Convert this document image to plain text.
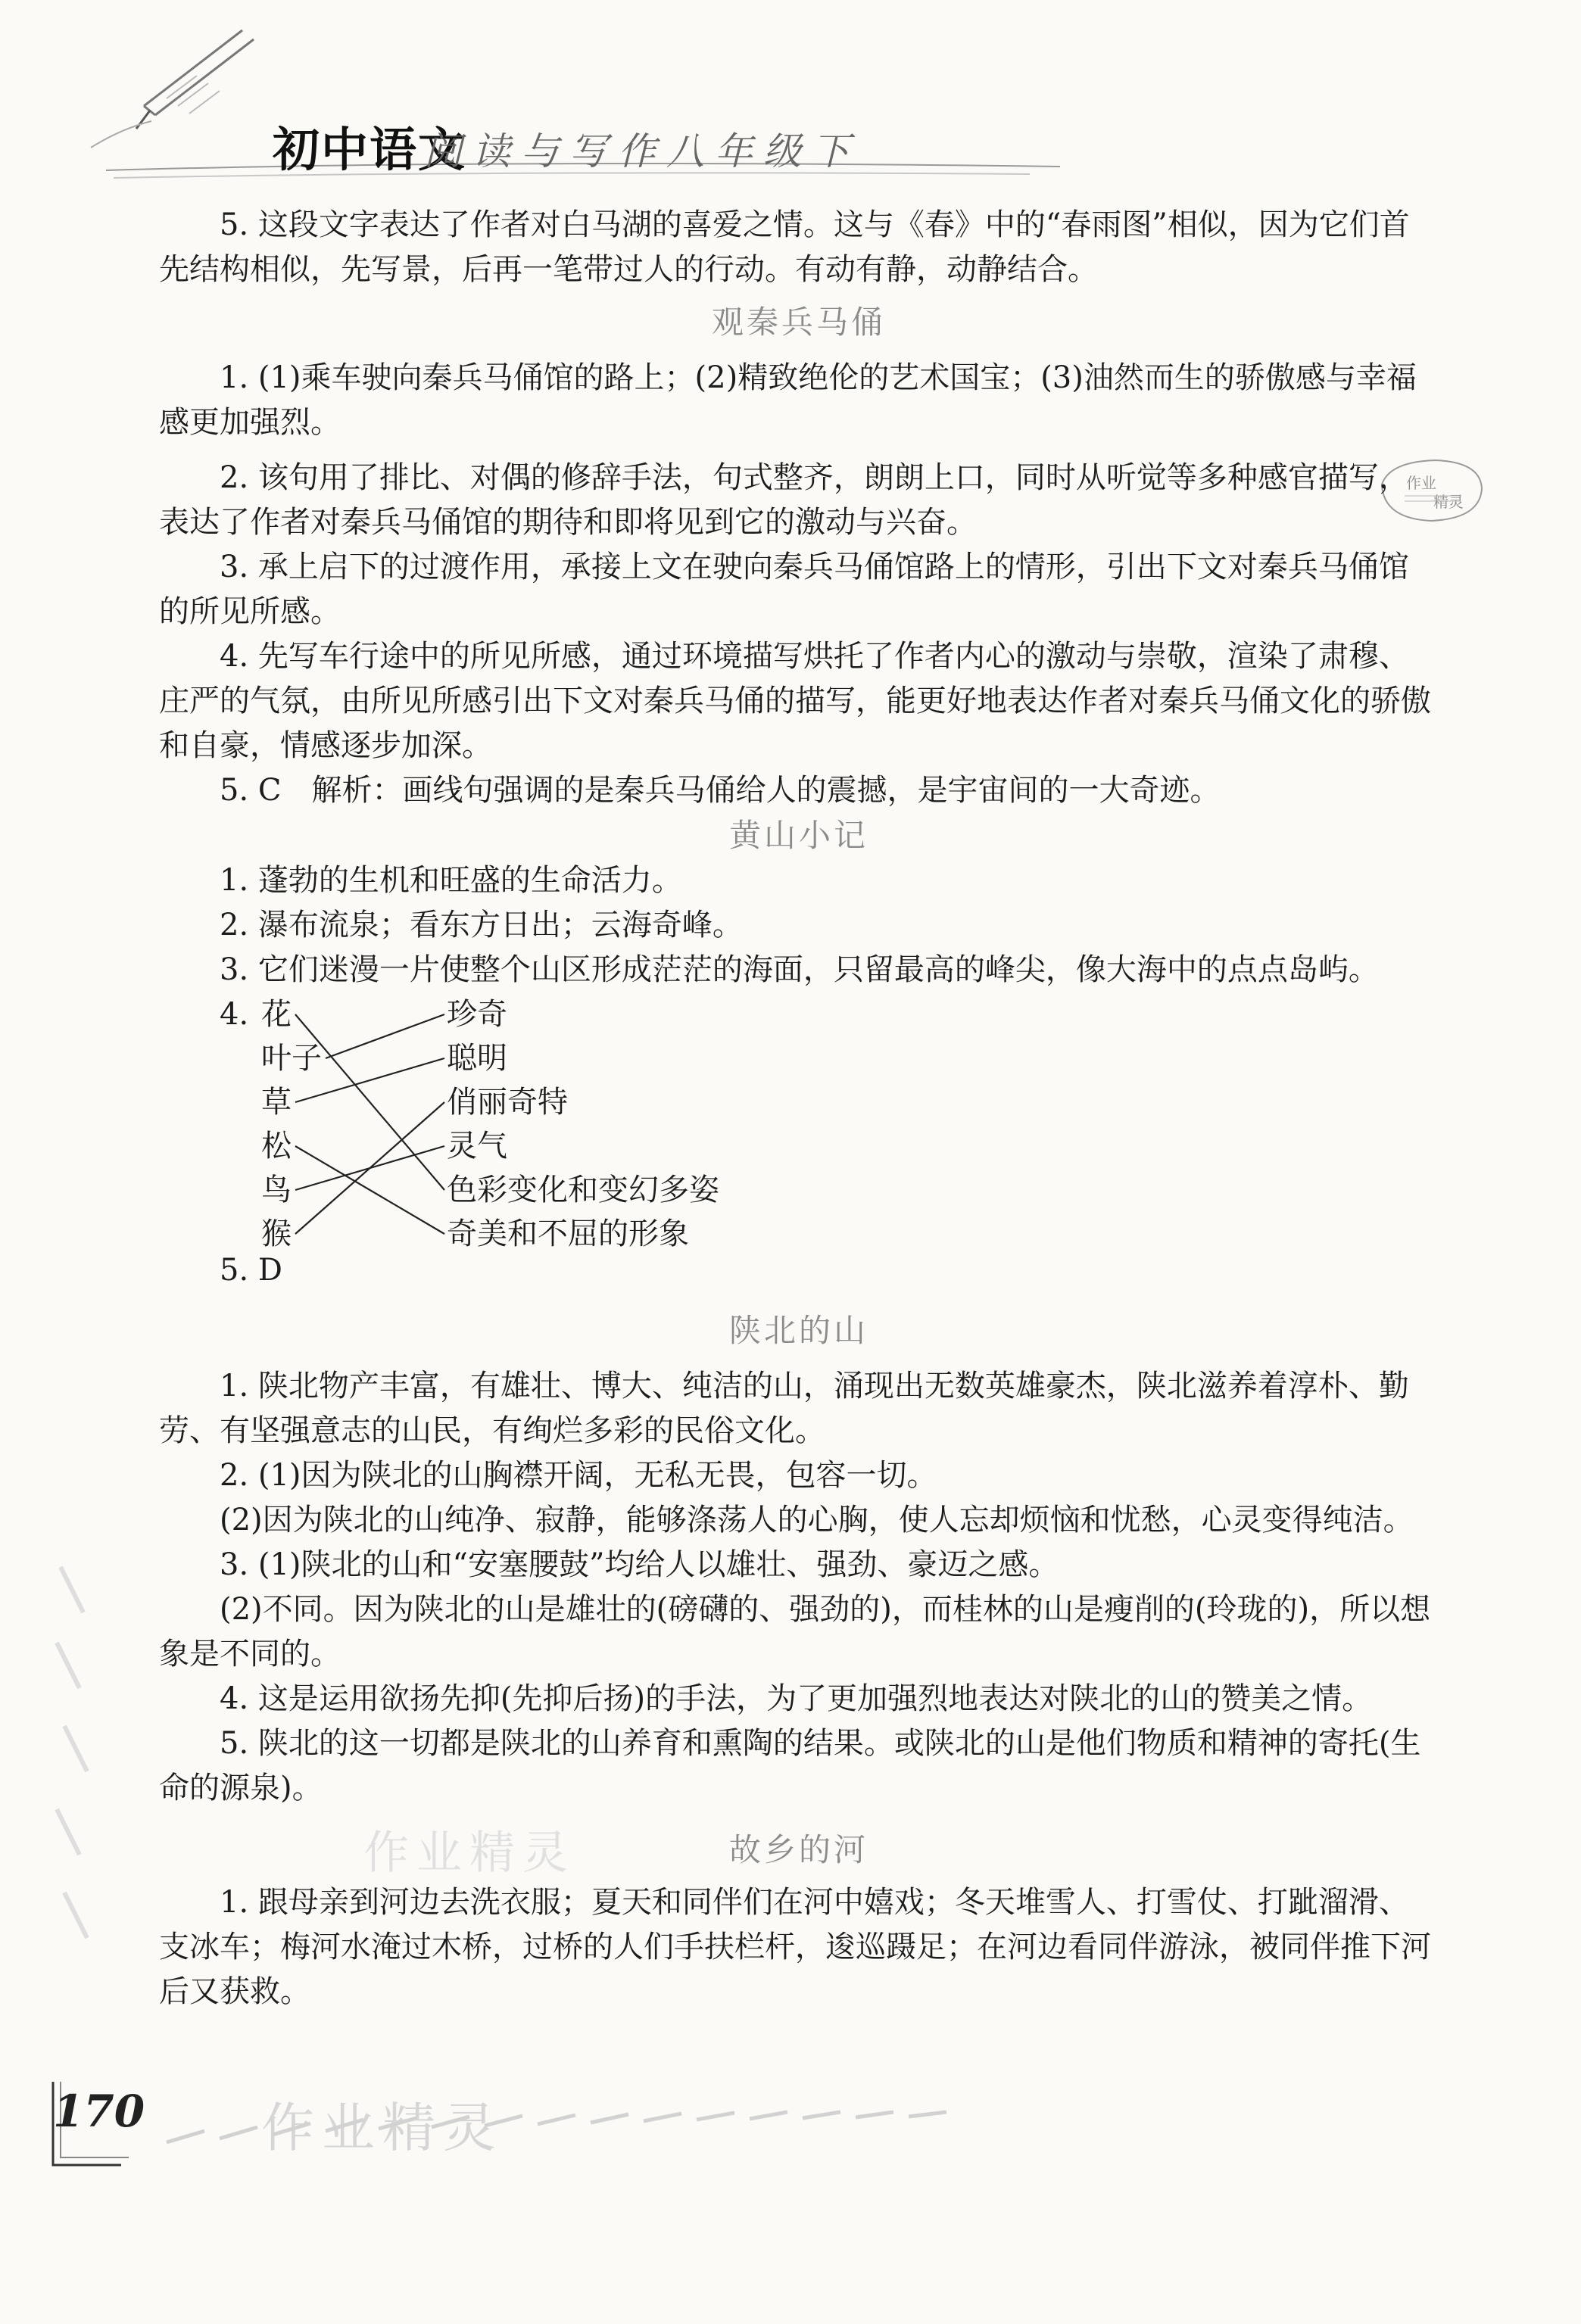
初中语文
阅读与写作八年级下
作业
精灵

5. 这段文字表达了作者对白马湖的喜爱之情。这与《春》中的“春雨图”相似，因为它们首先结构相似，先写景，后再一笔带过人的行动。有动有静，动静结合。

观秦兵马俑

1. (1)乘车驶向秦兵马俑馆的路上；(2)精致绝伦的艺术国宝；(3)油然而生的骄傲感与幸福感更加强烈。

2. 该句用了排比、对偶的修辞手法，句式整齐，朗朗上口，同时从听觉等多种感官描写，表达了作者对秦兵马俑馆的期待和即将见到它的激动与兴奋。

3. 承上启下的过渡作用，承接上文在驶向秦兵马俑馆路上的情形，引出下文对秦兵马俑馆的所见所感。

4. 先写车行途中的所见所感，通过环境描写烘托了作者内心的激动与崇敬，渲染了肃穆、庄严的气氛，由所见所感引出下文对秦兵马俑的描写，能更好地表达作者对秦兵马俑文化的骄傲和自豪，情感逐步加深。

5. C　解析：画线句强调的是秦兵马俑给人的震撼，是宇宙间的一大奇迹。

黄山小记

1. 蓬勃的生机和旺盛的生命活力。

2. 瀑布流泉；看东方日出；云海奇峰。

3. 它们迷漫一片使整个山区形成茫茫的海面，只留最高的峰尖，像大海中的点点岛屿。

4. 花
叶子
草
松
鸟
猴
珍奇
聪明
俏丽奇特
灵气
色彩变化和变幻多姿
奇美和不屈的形象

5. D

陕北的山

1. 陕北物产丰富，有雄壮、博大、纯洁的山，涌现出无数英雄豪杰，陕北滋养着淳朴、勤劳、有坚强意志的山民，有绚烂多彩的民俗文化。

2. (1)因为陕北的山胸襟开阔，无私无畏，包容一切。

(2)因为陕北的山纯净、寂静，能够涤荡人的心胸，使人忘却烦恼和忧愁，心灵变得纯洁。

3. (1)陕北的山和“安塞腰鼓”均给人以雄壮、强劲、豪迈之感。

(2)不同。因为陕北的山是雄壮的(磅礴的、强劲的)，而桂林的山是瘦削的(玲珑的)，所以想象是不同的。

4. 这是运用欲扬先抑(先抑后扬)的手法，为了更加强烈地表达对陕北的山的赞美之情。

5. 陕北的这一切都是陕北的山养育和熏陶的结果。或陕北的山是他们物质和精神的寄托(生命的源泉)。

故乡的河

1. 跟母亲到河边去洗衣服；夏天和同伴们在河中嬉戏；冬天堆雪人、打雪仗、打跐溜滑、支冰车；梅河水淹过木桥，过桥的人们手扶栏杆，逡巡蹑足；在河边看同伴游泳，被同伴推下河后又获救。

作业精灵
作业精灵
170
